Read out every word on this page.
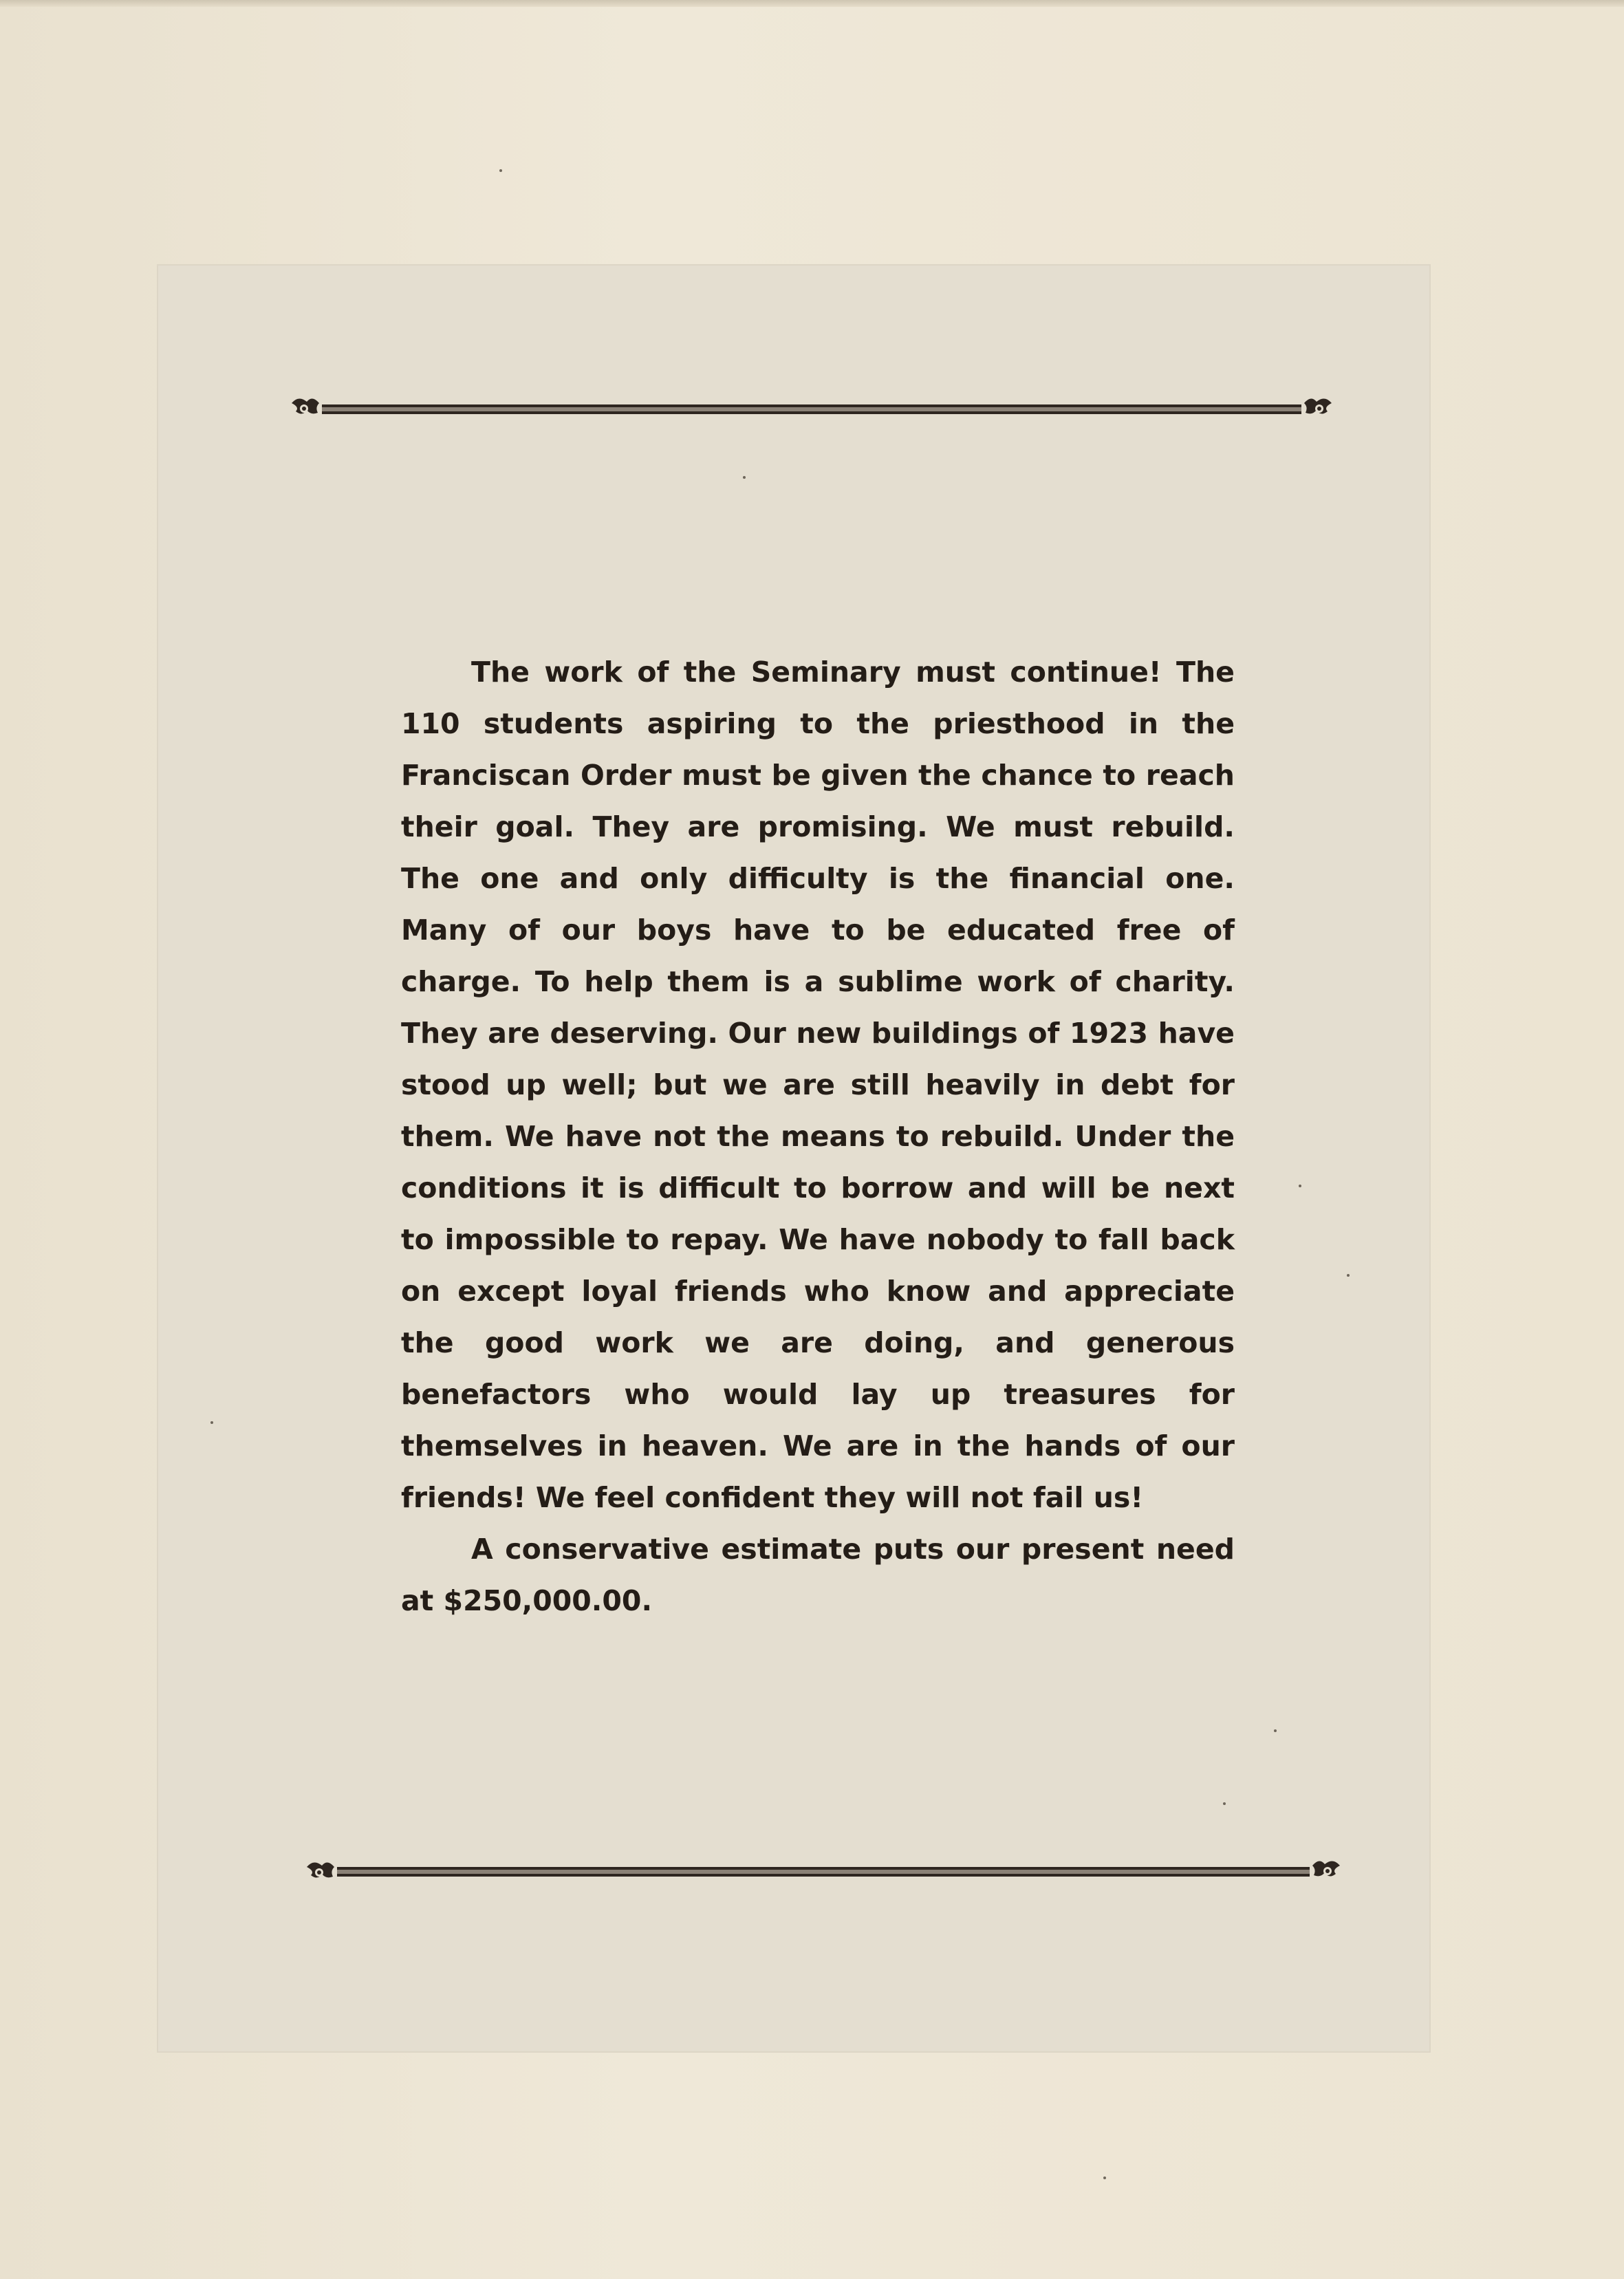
The work of the Seminary must continue! The 110 students aspiring to the priesthood in the Franciscan Order must be given the chance to reach their goal. They are promising. We must rebuild. The one and only difficulty is the financial one. Many of our boys have to be educated free of charge. To help them is a sublime work of charity. They are deserving. Our new buildings of 1923 have stood up well; but we are still heavily in debt for them. We have not the means to rebuild. Under the conditions it is difficult to borrow and will be next to impossible to repay. We have nobody to fall back on except loyal friends who know and appreciate the good work we are doing, and generous benefactors who would lay up treasures for themselves in heaven. We are in the hands of our friends! We feel confident they will not fail us!

A conservative estimate puts our present need at $250,000.00.
